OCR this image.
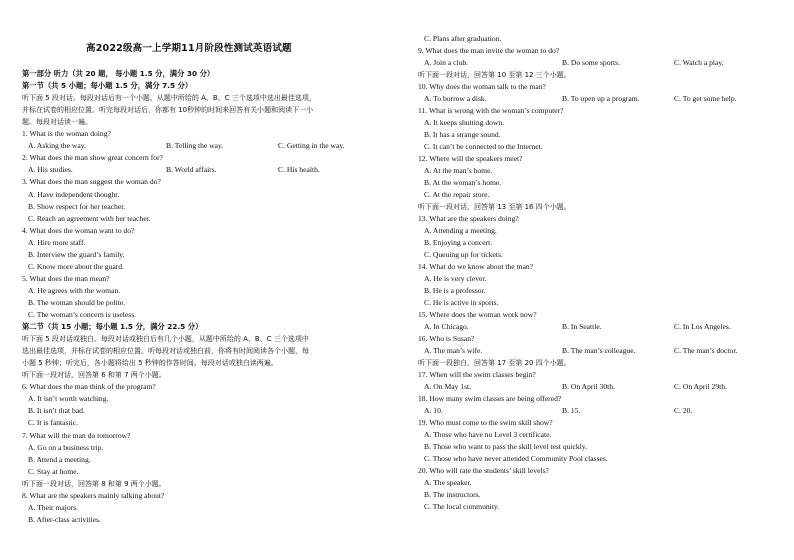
高2022级高一上学期11月阶段性测试英语试题
第一部分 听力（共 20 题， 每小题 1.5 分，满分 30 分）
第一节（共 5 小题；每小题 1.5 分，满分 7.5 分）
听下面 5 段对话。每段对话后有一个小题，从题中所给的 A、B、C 三个选项中选出最佳选项，
并标在试卷的相应位置。听完每段对话后，你都有 10秒钟的时间来回答有关小题和阅读下一小
题。每段对话读一遍。
1. What is the woman doing?
A. Asking the way.	B. Telling the way.	C. Getting in the way.
2. What does the man show great concern for?
A. His studies.	B. World affairs.	C. His health.
3. What does the man suggest the woman do?
A. Have independent thought.
B. Show respect for her teacher.
C. Reach an agreement with her teacher.
4. What does the woman want to do?
A. Hire more staff.
B. Interview the guard’s family.
C. Know more about the guard.
5. What does the man mean?
A. He agrees with the woman.
B. The woman should be polite.
C. The woman’s concern is useless.
第二节（共 15 小题；每小题 1.5 分，满分 22.5 分）
听下面 5 段对话或独白。每段对话或独白后有几个小题，从题中所给的 A、B、C 三个选项中
选出最佳选项，并标在试卷的相应位置。听每段对话或独白前，你将有时间阅读各个小题，每
小题 5 秒钟；听完后，各小题将给出 5 秒钟的作答时间。每段对话或独白读两遍。
听下面一段对话，回答第 6 和第 7 两个小题。
6. What does the man think of the program?
A. It isn’t worth watching.
B. It isn’t that bad.
C. It is fantastic.
7. What will the man do tomorrow?
A. Go on a business trip.
B. Attend a meeting.
C. Stay at home.
听下面一段对话，回答第 8 和第 9 两个小题。
8. What are the speakers mainly talking about?
A. Their majors.
B. After-class activities.
C. Plans after graduation.
9. What does the man invite the woman to do?
A. Join a club.	B. Do some sports.	C. Watch a play.
听下面一段对话，回答第 10 至第 12 三个小题。
10. Why does the woman talk to the man?
A. To borrow a disk.	B. To open up a program.	C. To get some help.
11. What is wrong with the woman’s computer?
A. It keeps shutting down.
B. It has a strange sound.
C. It can’t be connected to the Internet.
12. Where will the speakers meet?
A. At the man’s home.
B. At the woman’s home.
C. At the repair store.
听下面一段对话，回答第 13 至第 16 四个小题。
13. What are the speakers doing?
A. Attending a meeting.
B. Enjoying a concert.
C. Queuing up for tickets.
14. What do we know about the man?
A. He is very clever.
B. He is a professor.
C. He is active in sports.
15. Where does the woman work now?
A. In Chicago.	B. In Seattle.	C. In Los Angeles.
16. Who is Susan?
A. The man’s wife.	B. The man’s colleague.	C. The man’s doctor.
听下面一段独白，回答第 17 至第 20 四个小题。
17. When will the swim classes begin?
A. On May 1st.	B. On April 30th.	C. On April 29th.
18. How many swim classes are being offered?
A. 10.	B. 15.	C. 20.
19. Who must come to the swim skill show?
A. Those who have no Level 3 certificate.
B. Those who want to pass the skill level test quickly.
C. Those who have never attended Community Pool classes.
20. Who will rate the students’ skill levels?
A. The speaker.
B. The instructors.
C. The local community.
